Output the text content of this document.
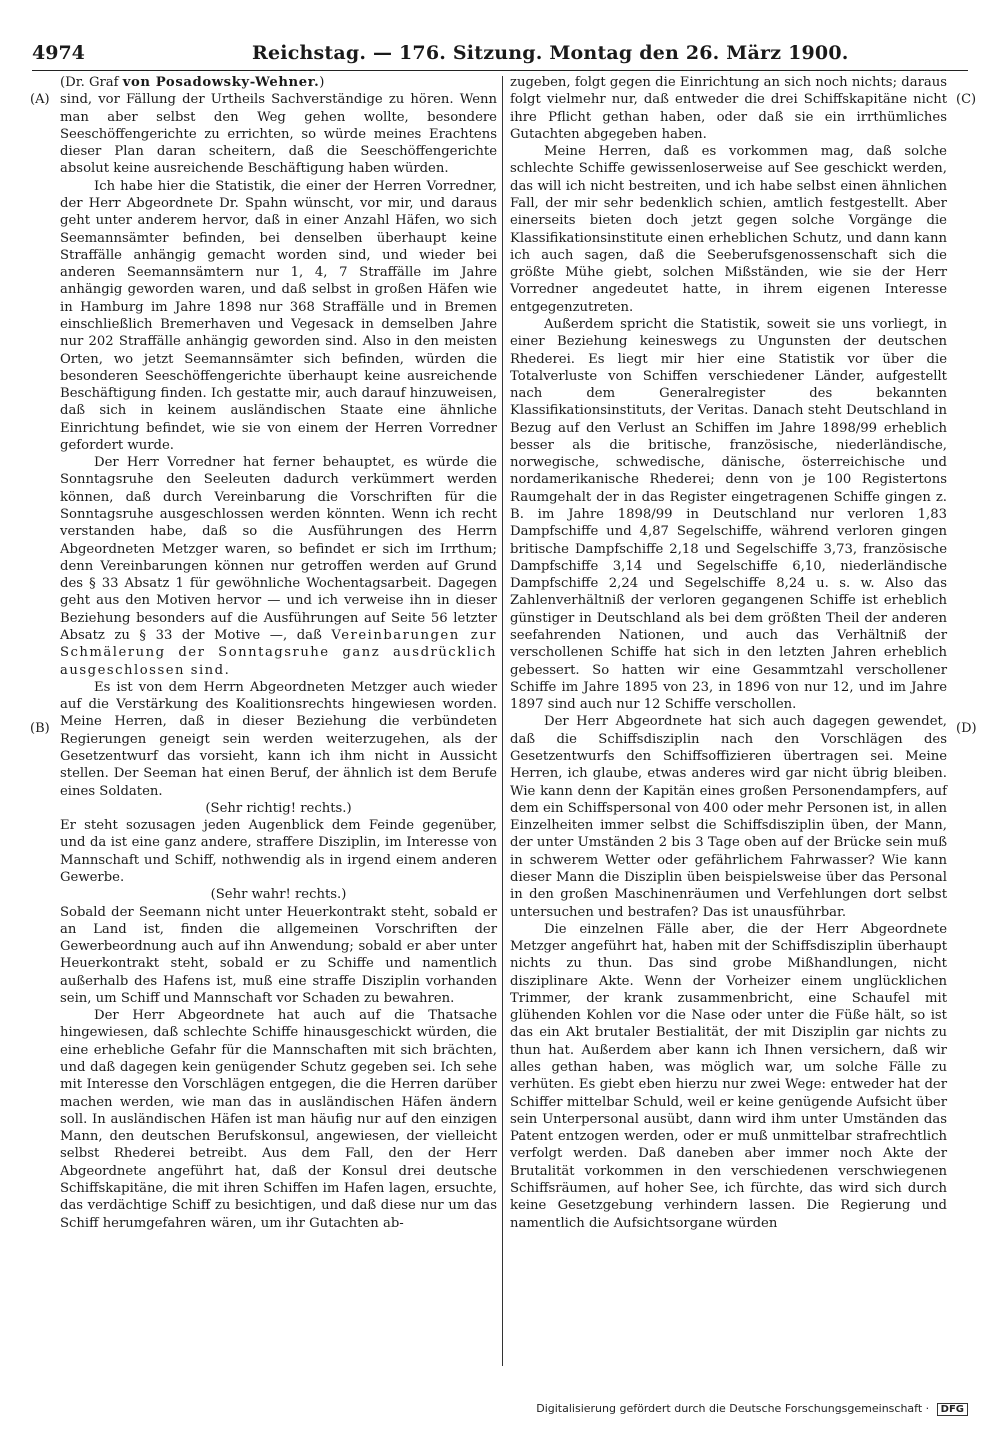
4974	Reichstag. — 176. Sitzung. Montag den 26. März 1900.
(A)
(B)
(C)
(D)
(Dr. Graf von Posadowsky-Wehner.)

sind, vor Fällung der Urtheils Sachverständige zu hören. Wenn man aber selbst den Weg gehen wollte, besondere Seeschöffengerichte zu errichten, so würde meines Erachtens dieser Plan daran scheitern, daß die Seeschöffengerichte absolut keine ausreichende Beschäftigung haben würden.

Ich habe hier die Statistik, die einer der Herren Vorredner, der Herr Abgeordnete Dr. Spahn wünscht, vor mir, und daraus geht unter anderem hervor, daß in einer Anzahl Häfen, wo sich Seemannsämter befinden, bei denselben überhaupt keine Straffälle anhängig gemacht worden sind, und wieder bei anderen Seemannsämtern nur 1, 4, 7 Straffälle im Jahre anhängig geworden waren, und daß selbst in großen Häfen wie in Hamburg im Jahre 1898 nur 368 Straffälle und in Bremen einschließlich Bremerhaven und Vegesack in demselben Jahre nur 202 Straffälle anhängig geworden sind. Also in den meisten Orten, wo jetzt Seemannsämter sich befinden, würden die besonderen Seeschöffengerichte überhaupt keine ausreichende Beschäftigung finden. Ich gestatte mir, auch darauf hinzuweisen, daß sich in keinem ausländischen Staate eine ähnliche Einrichtung befindet, wie sie von einem der Herren Vorredner gefordert wurde.

Der Herr Vorredner hat ferner behauptet, es würde die Sonntagsruhe den Seeleuten dadurch verkümmert werden können, daß durch Vereinbarung die Vorschriften für die Sonntagsruhe ausgeschlossen werden könnten. Wenn ich recht verstanden habe, daß so die Ausführungen des Herrn Abgeordneten Metzger waren, so befindet er sich im Irrthum; denn Vereinbarungen können nur getroffen werden auf Grund des § 33 Absatz 1 für gewöhnliche Wochentagsarbeit. Dagegen geht aus den Motiven hervor — und ich verweise ihn in dieser Beziehung besonders auf die Ausführungen auf Seite 56 letzter Absatz zu § 33 der Motive —, daß Vereinbarungen zur Schmälerung der Sonntagsruhe ganz ausdrücklich ausgeschlossen sind.

Es ist von dem Herrn Abgeordneten Metzger auch wieder auf die Verstärkung des Koalitionsrechts hingewiesen worden. Meine Herren, daß in dieser Beziehung die verbündeten Regierungen geneigt sein werden weiterzugehen, als der Gesetzentwurf das vorsieht, kann ich ihm nicht in Aussicht stellen. Der Seeman hat einen Beruf, der ähnlich ist dem Berufe eines Soldaten.

(Sehr richtig! rechts.)

Er steht sozusagen jeden Augenblick dem Feinde gegenüber, und da ist eine ganz andere, straffere Disziplin, im Interesse von Mannschaft und Schiff, nothwendig als in irgend einem anderen Gewerbe.

(Sehr wahr! rechts.)

Sobald der Seemann nicht unter Heuerkontrakt steht, sobald er an Land ist, finden die allgemeinen Vorschriften der Gewerbeordnung auch auf ihn Anwendung; sobald er aber unter Heuerkontrakt steht, sobald er zu Schiffe und namentlich außerhalb des Hafens ist, muß eine straffe Disziplin vorhanden sein, um Schiff und Mannschaft vor Schaden zu bewahren.

Der Herr Abgeordnete hat auch auf die Thatsache hingewiesen, daß schlechte Schiffe hinausgeschickt würden, die eine erhebliche Gefahr für die Mannschaften mit sich brächten, und daß dagegen kein genügender Schutz gegeben sei. Ich sehe mit Interesse den Vorschlägen entgegen, die die Herren darüber machen werden, wie man das in ausländischen Häfen ändern soll. In ausländischen Häfen ist man häufig nur auf den einzigen Mann, den deutschen Berufskonsul, angewiesen, der vielleicht selbst Rhederei betreibt. Aus dem Fall, den der Herr Abgeordnete angeführt hat, daß der Konsul drei deutsche Schiffskapitäne, die mit ihren Schiffen im Hafen lagen, ersuchte, das verdächtige Schiff zu besichtigen, und daß diese nur um das Schiff herumgefahren wären, um ihr Gutachten ab-

zugeben, folgt gegen die Einrichtung an sich noch nichts; daraus folgt vielmehr nur, daß entweder die drei Schiffskapitäne nicht ihre Pflicht gethan haben, oder daß sie ein irrthümliches Gutachten abgegeben haben.

Meine Herren, daß es vorkommen mag, daß solche schlechte Schiffe gewissenloserweise auf See geschickt werden, das will ich nicht bestreiten, und ich habe selbst einen ähnlichen Fall, der mir sehr bedenklich schien, amtlich festgestellt. Aber einerseits bieten doch jetzt gegen solche Vorgänge die Klassifikationsinstitute einen erheblichen Schutz, und dann kann ich auch sagen, daß die Seeberufsgenossenschaft sich die größte Mühe giebt, solchen Mißständen, wie sie der Herr Vorredner angedeutet hatte, in ihrem eigenen Interesse entgegenzutreten.

Außerdem spricht die Statistik, soweit sie uns vorliegt, in einer Beziehung keineswegs zu Ungunsten der deutschen Rhederei. Es liegt mir hier eine Statistik vor über die Totalverluste von Schiffen verschiedener Länder, aufgestellt nach dem Generalregister des bekannten Klassifikationsinstituts, der Veritas. Danach steht Deutschland in Bezug auf den Verlust an Schiffen im Jahre 1898/99 erheblich besser als die britische, französische, niederländische, norwegische, schwedische, dänische, österreichische und nordamerikanische Rhederei; denn von je 100 Registertons Raumgehalt der in das Register eingetragenen Schiffe gingen z. B. im Jahre 1898/99 in Deutschland nur verloren 1,83 Dampfschiffe und 4,87 Segelschiffe, während verloren gingen britische Dampfschiffe 2,18 und Segelschiffe 3,73, französische Dampfschiffe 3,14 und Segelschiffe 6,10, niederländische Dampfschiffe 2,24 und Segelschiffe 8,24 u. s. w. Also das Zahlenverhältniß der verloren gegangenen Schiffe ist erheblich günstiger in Deutschland als bei dem größten Theil der anderen seefahrenden Nationen, und auch das Verhältniß der verschollenen Schiffe hat sich in den letzten Jahren erheblich gebessert. So hatten wir eine Gesammtzahl verschollener Schiffe im Jahre 1895 von 23, in 1896 von nur 12, und im Jahre 1897 sind auch nur 12 Schiffe verschollen.

Der Herr Abgeordnete hat sich auch dagegen gewendet, daß die Schiffsdisziplin nach den Vorschlägen des Gesetzentwurfs den Schiffsoffizieren übertragen sei. Meine Herren, ich glaube, etwas anderes wird gar nicht übrig bleiben. Wie kann denn der Kapitän eines großen Personendampfers, auf dem ein Schiffspersonal von 400 oder mehr Personen ist, in allen Einzelheiten immer selbst die Schiffsdisziplin üben, der Mann, der unter Umständen 2 bis 3 Tage oben auf der Brücke sein muß in schwerem Wetter oder gefährlichem Fahrwasser? Wie kann dieser Mann die Disziplin üben beispielsweise über das Personal in den großen Maschinenräumen und Verfehlungen dort selbst untersuchen und bestrafen? Das ist unausführbar.

Die einzelnen Fälle aber, die der Herr Abgeordnete Metzger angeführt hat, haben mit der Schiffsdisziplin überhaupt nichts zu thun. Das sind grobe Mißhandlungen, nicht disziplinare Akte. Wenn der Vorheizer einem unglücklichen Trimmer, der krank zusammenbricht, eine Schaufel mit glühenden Kohlen vor die Nase oder unter die Füße hält, so ist das ein Akt brutaler Bestialität, der mit Disziplin gar nichts zu thun hat. Außerdem aber kann ich Ihnen versichern, daß wir alles gethan haben, was möglich war, um solche Fälle zu verhüten. Es giebt eben hierzu nur zwei Wege: entweder hat der Schiffer mittelbar Schuld, weil er keine genügende Aufsicht über sein Unterpersonal ausübt, dann wird ihm unter Umständen das Patent entzogen werden, oder er muß unmittelbar strafrechtlich verfolgt werden. Daß daneben aber immer noch Akte der Brutalität vorkommen in den verschiedenen verschwiegenen Schiffsräumen, auf hoher See, ich fürchte, das wird sich durch keine Gesetzgebung verhindern lassen. Die Regierung und namentlich die Aufsichtsorgane würden

Digitalisierung gefördert durch die Deutsche Forschungsgemeinschaft · DFG
